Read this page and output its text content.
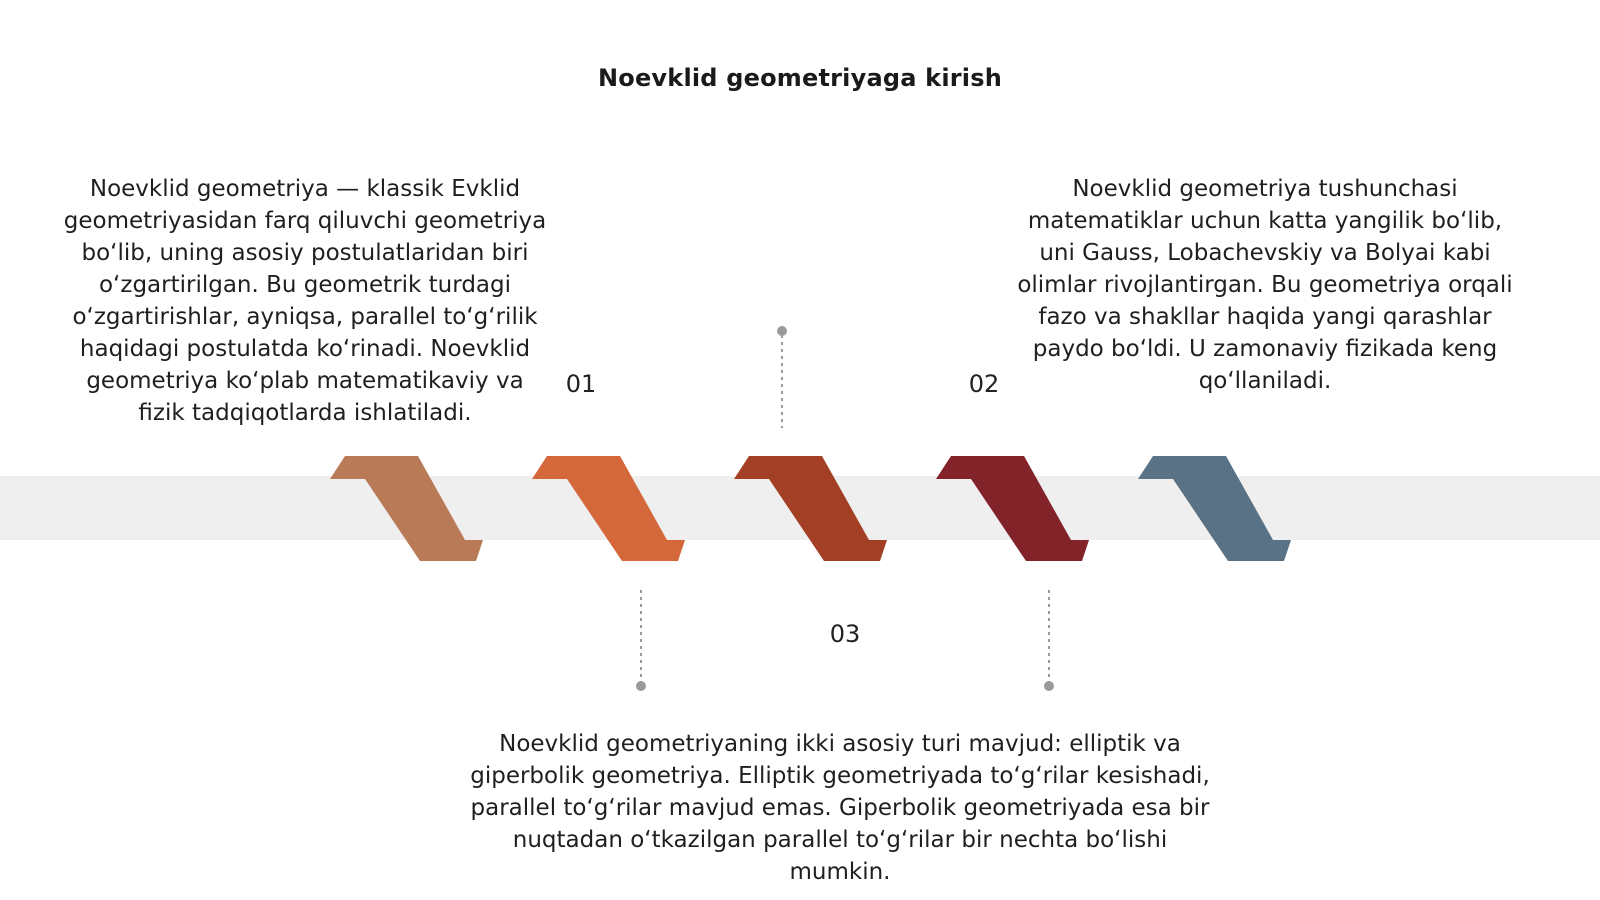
Noevklid geometriyaga kirish
Noevklid geometriya — klassik Evklid geometriyasidan farq qiluvchi geometriya boʻlib, uning asosiy postulatlaridan biri oʻzgartirilgan. Bu geometrik turdagi oʻzgartirishlar, ayniqsa, parallel toʻgʻrilik haqidagi postulatda koʻrinadi. Noevklid geometriya koʻplab matematikaviy va fizik tadqiqotlarda ishlatiladi.
Noevklid geometriya tushunchasi matematiklar uchun katta yangilik boʻlib, uni Gauss, Lobachevskiy va Bolyai kabi olimlar rivojlantirgan. Bu geometriya orqali fazo va shakllar haqida yangi qarashlar paydo boʻldi. U zamonaviy fizikada keng qoʻllaniladi.
Noevklid geometriyaning ikki asosiy turi mavjud: elliptik va giperbolik geometriya. Elliptik geometriyada toʻgʻrilar kesishadi, parallel toʻgʻrilar mavjud emas. Giperbolik geometriyada esa bir nuqtadan oʻtkazilgan parallel toʻgʻrilar bir nechta boʻlishi mumkin.
01	02
03
